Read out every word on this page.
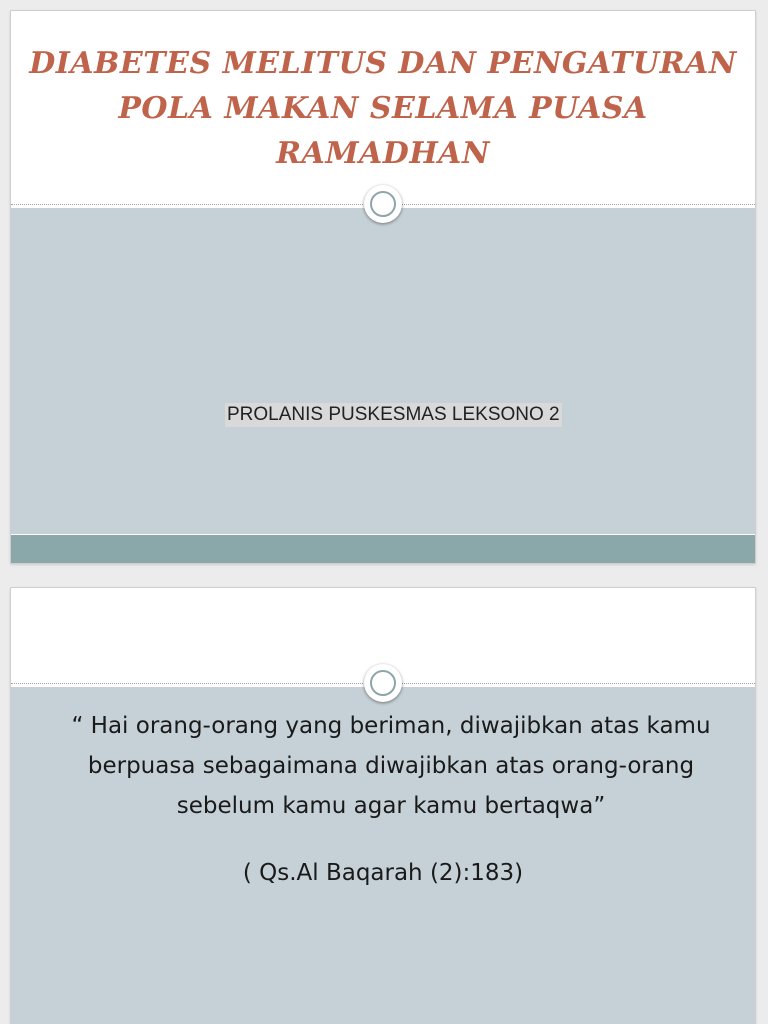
DIABETES MELITUS DAN PENGATURAN POLA MAKAN SELAMA PUASA RAMADHAN
PROLANIS PUSKESMAS LEKSONO 2

“ Hai orang-orang yang beriman, diwajibkan atas kamu berpuasa sebagaimana diwajibkan atas orang-orang sebelum kamu agar kamu bertaqwa”

( Qs.Al Baqarah (2):183)
